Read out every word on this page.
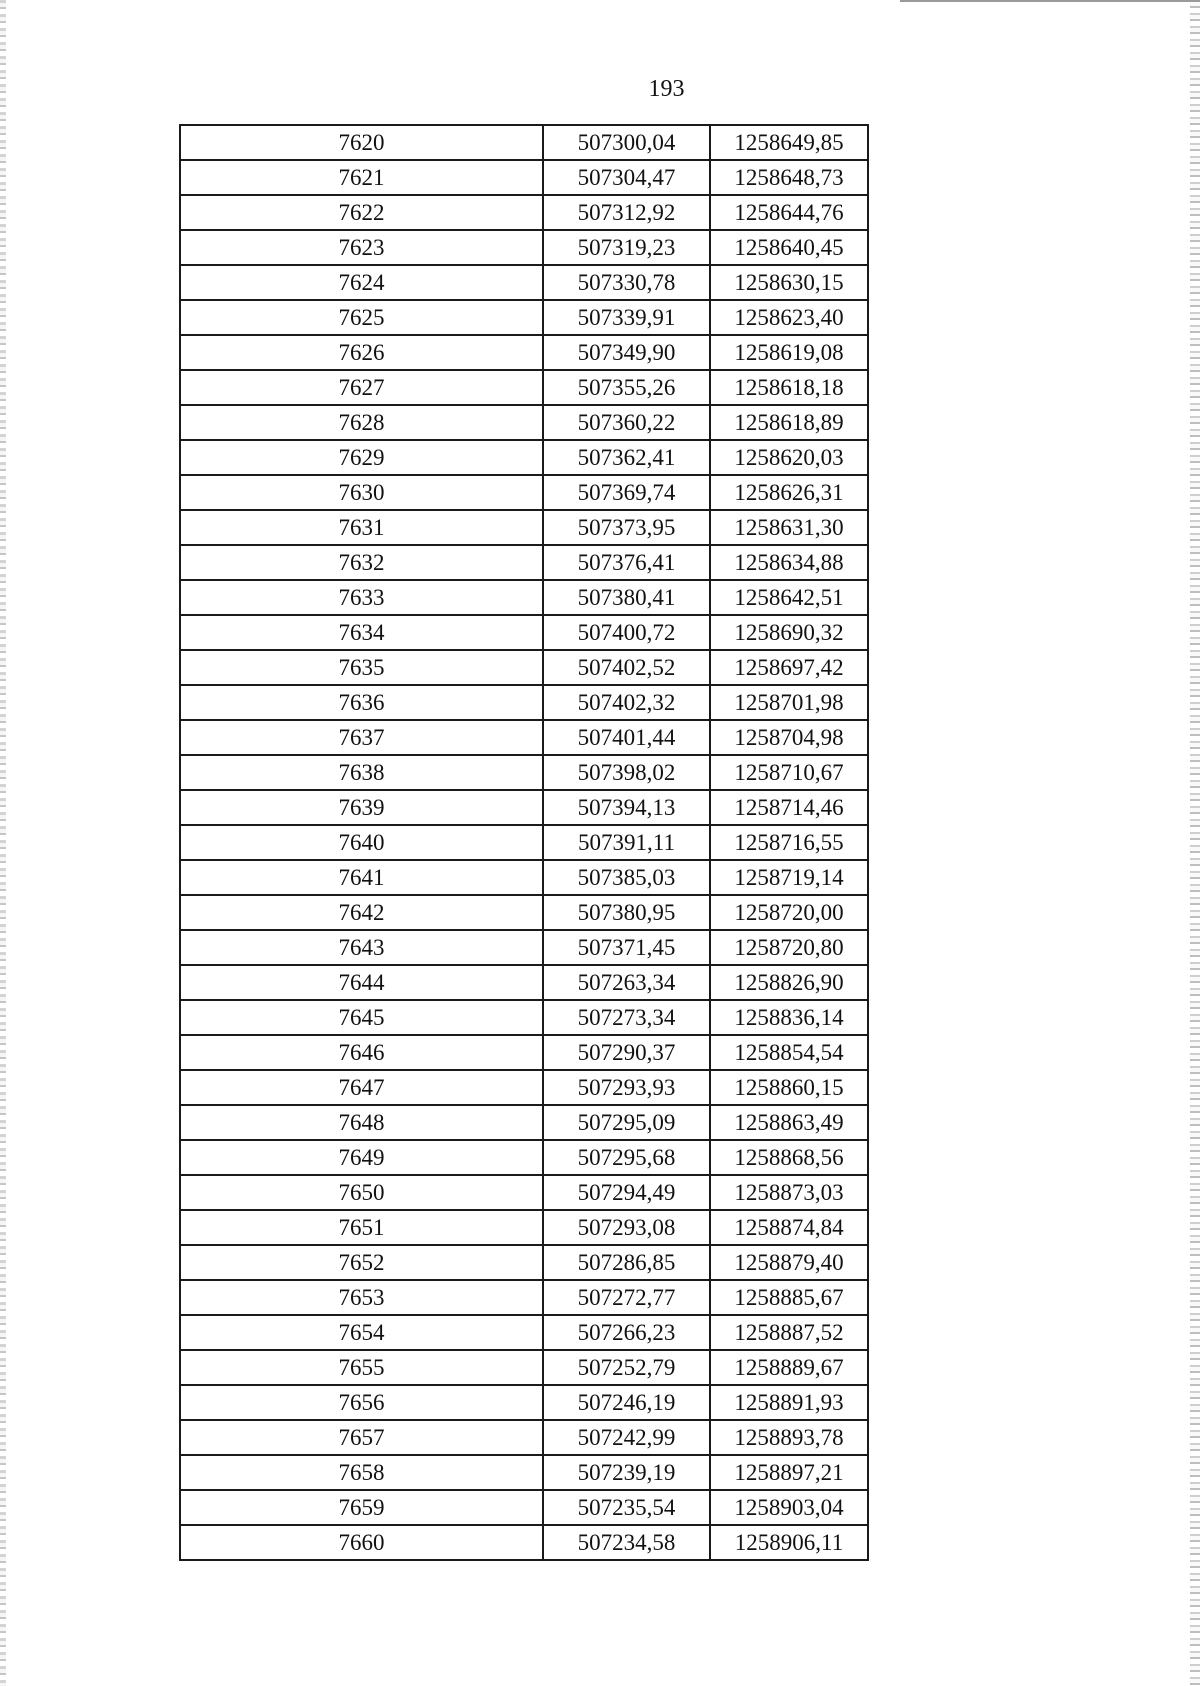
193
7620	507300,04	1258649,85
7621	507304,47	1258648,73
7622	507312,92	1258644,76
7623	507319,23	1258640,45
7624	507330,78	1258630,15
7625	507339,91	1258623,40
7626	507349,90	1258619,08
7627	507355,26	1258618,18
7628	507360,22	1258618,89
7629	507362,41	1258620,03
7630	507369,74	1258626,31
7631	507373,95	1258631,30
7632	507376,41	1258634,88
7633	507380,41	1258642,51
7634	507400,72	1258690,32
7635	507402,52	1258697,42
7636	507402,32	1258701,98
7637	507401,44	1258704,98
7638	507398,02	1258710,67
7639	507394,13	1258714,46
7640	507391,11	1258716,55
7641	507385,03	1258719,14
7642	507380,95	1258720,00
7643	507371,45	1258720,80
7644	507263,34	1258826,90
7645	507273,34	1258836,14
7646	507290,37	1258854,54
7647	507293,93	1258860,15
7648	507295,09	1258863,49
7649	507295,68	1258868,56
7650	507294,49	1258873,03
7651	507293,08	1258874,84
7652	507286,85	1258879,40
7653	507272,77	1258885,67
7654	507266,23	1258887,52
7655	507252,79	1258889,67
7656	507246,19	1258891,93
7657	507242,99	1258893,78
7658	507239,19	1258897,21
7659	507235,54	1258903,04
7660	507234,58	1258906,11
